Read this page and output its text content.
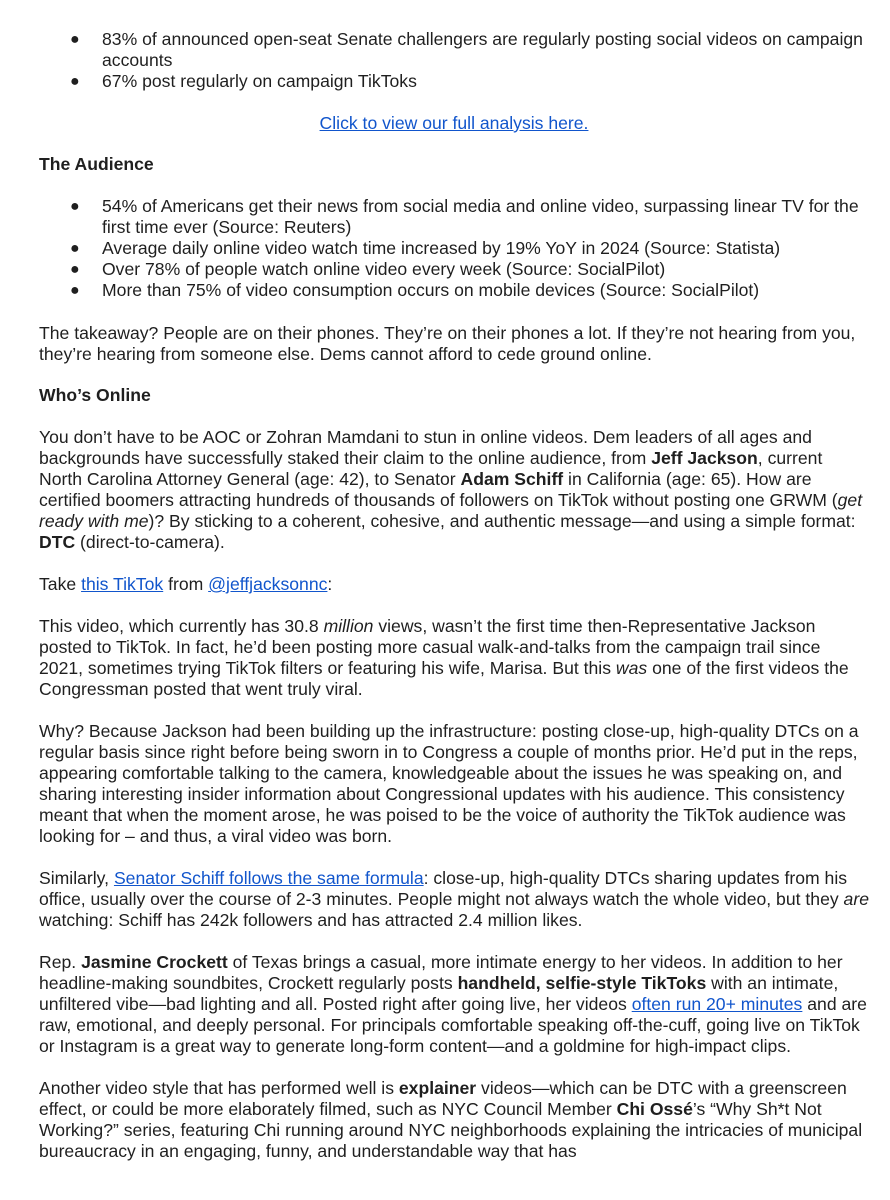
● 83% of announced open-seat Senate challengers are regularly posting social videos on campaign accounts
● 67% post regularly on campaign TikToks

Click to view our full analysis here.

The Audience

● 54% of Americans get their news from social media and online video, surpassing linear TV for the first time ever (Source: Reuters)
● Average daily online video watch time increased by 19% YoY in 2024 (Source: Statista)
● Over 78% of people watch online video every week (Source: SocialPilot)
● More than 75% of video consumption occurs on mobile devices (Source: SocialPilot)

The takeaway? People are on their phones. They’re on their phones a lot. If they’re not hearing from you, they’re hearing from someone else. Dems cannot afford to cede ground online.

Who’s Online

You don’t have to be AOC or Zohran Mamdani to stun in online videos. Dem leaders of all ages and backgrounds have successfully staked their claim to the online audience, from Jeff Jackson, current North Carolina Attorney General (age: 42), to Senator Adam Schiff in California (age: 65). How are certified boomers attracting hundreds of thousands of followers on TikTok without posting one GRWM (get ready with me)? By sticking to a coherent, cohesive, and authentic message—and using a simple format: DTC (direct-to-camera).

Take this TikTok from @jeffjacksonnc:

This video, which currently has 30.8 million views, wasn’t the first time then-Representative Jackson posted to TikTok. In fact, he’d been posting more casual walk-and-talks from the campaign trail since 2021, sometimes trying TikTok filters or featuring his wife, Marisa. But this was one of the first videos the Congressman posted that went truly viral.

Why? Because Jackson had been building up the infrastructure: posting close-up, high-quality DTCs on a regular basis since right before being sworn in to Congress a couple of months prior. He’d put in the reps, appearing comfortable talking to the camera, knowledgeable about the issues he was speaking on, and sharing interesting insider information about Congressional updates with his audience. This consistency meant that when the moment arose, he was poised to be the voice of authority the TikTok audience was looking for – and thus, a viral video was born.

Similarly, Senator Schiff follows the same formula: close-up, high-quality DTCs sharing updates from his office, usually over the course of 2-3 minutes. People might not always watch the whole video, but they are watching: Schiff has 242k followers and has attracted 2.4 million likes.

Rep. Jasmine Crockett of Texas brings a casual, more intimate energy to her videos. In addition to her headline-making soundbites, Crockett regularly posts handheld, selfie-style TikToks with an intimate, unfiltered vibe—bad lighting and all. Posted right after going live, her videos often run 20+ minutes and are raw, emotional, and deeply personal. For principals comfortable speaking off-the-cuff, going live on TikTok or Instagram is a great way to generate long-form content—and a goldmine for high-impact clips.

Another video style that has performed well is explainer videos—which can be DTC with a greenscreen effect, or could be more elaborately filmed, such as NYC Council Member Chi Ossé’s “Why Sh*t Not Working?” series, featuring Chi running around NYC neighborhoods explaining the intricacies of municipal bureaucracy in an engaging, funny, and understandable way that has
